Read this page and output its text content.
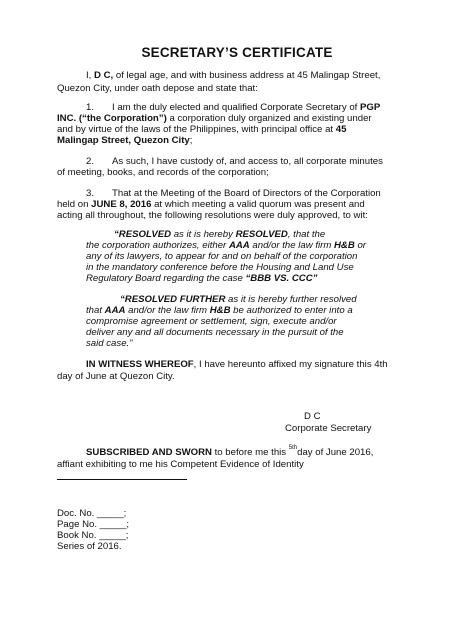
SECRETARY’S CERTIFICATE
I, D C, of legal age, and with business address at 45 Malingap Street,
Quezon City, under oath depose and state that:
1. I am the duly elected and qualified Corporate Secretary of PGP
INC. (“the Corporation”) a corporation duly organized and existing under
and by virtue of the laws of the Philippines, with principal office at 45
Malingap Street, Quezon City;
2. As such, I have custody of, and access to, all corporate minutes
of meeting, books, and records of the corporation;
3. That at the Meeting of the Board of Directors of the Corporation
held on JUNE 8, 2016 at which meeting a valid quorum was present and
acting all throughout, the following resolutions were duly approved, to wit:
“RESOLVED as it is hereby RESOLVED, that the
the corporation authorizes, either AAA and/or the law firm H&B or
any of its lawyers, to appear for and on behalf of the corporation
in the mandatory conference before the Housing and Land Use
Regulatory Board regarding the case “BBB VS. CCC”
“RESOLVED FURTHER as it is hereby further resolved
that AAA and/or the law firm H&B be authorized to enter into a
compromise agreement or settlement, sign, execute and/or
deliver any and all documents necessary in the pursuit of the
said case.”
IN WITNESS WHEREOF, I have hereunto affixed my signature this 4th
day of June at Quezon City.
D C
Corporate Secretary
SUBSCRIBED AND SWORN to before me this $^{5th}$day of June 2016,
affiant exhibiting to me his Competent Evidence of Identity
Doc. No. _____;
Page No. _____;
Book No. _____;
Series of 2016.
